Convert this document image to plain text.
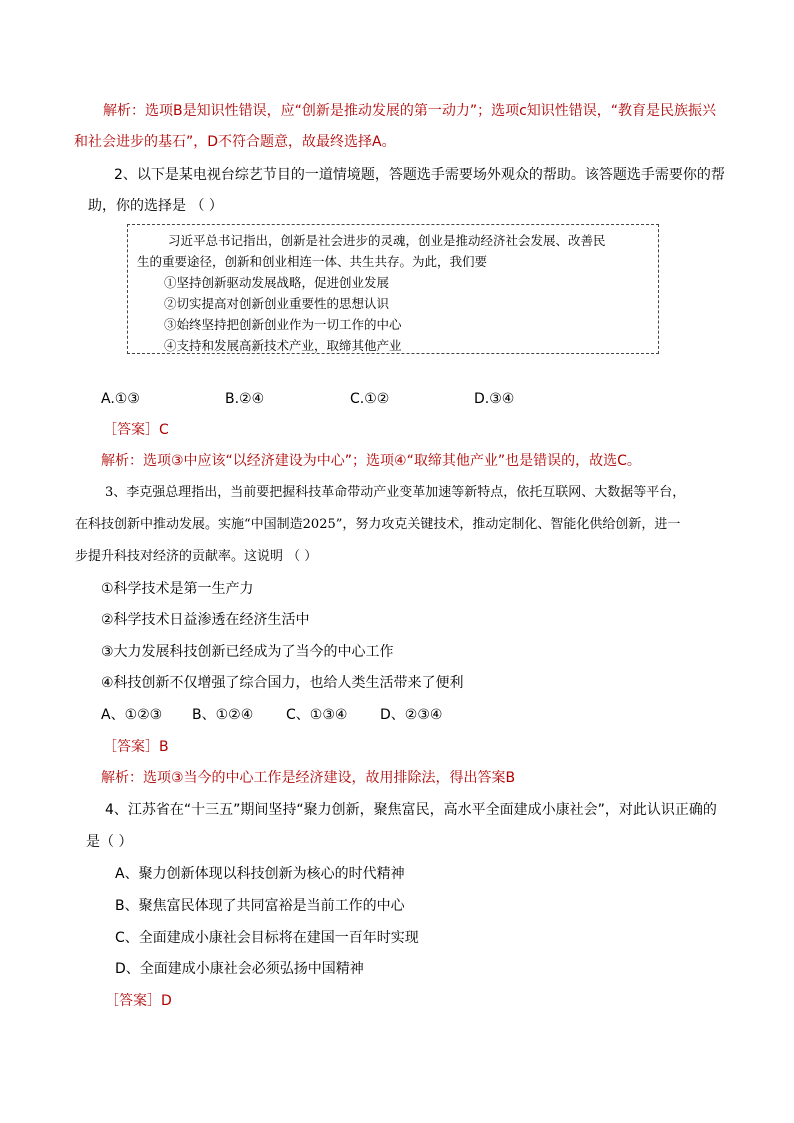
解析：选项B是知识性错误，应“创新是推动发展的第一动力”；选项c知识性错误，“教育是民族振兴
和社会进步的基石”，D不符合题意，故最终选择A。
2、以下是某电视台综艺节目的一道情境题，答题选手需要场外观众的帮助。该答题选手需要你的帮
助，你的选择是 （ ）
习近平总书记指出，创新是社会进步的灵魂，创业是推动经济社会发展、改善民
生的重要途径，创新和创业相连一体、共生共存。为此，我们要
①坚持创新驱动发展战略，促进创业发展
②切实提高对创新创业重要性的思想认识
③始终坚持把创新创业作为一切工作的中心
④支持和发展高新技术产业，取缔其他产业
A.①③	B.②④	C.①②	D.③④
［答案］C
解析：选项③中应该“以经济建设为中心”；选项④“取缔其他产业”也是错误的，故选C。
3、李克强总理指出，当前要把握科技革命带动产业变革加速等新特点，依托互联网、大数据等平台，
在科技创新中推动发展。实施“中国制造2025”，努力攻克关键技术，推动定制化、智能化供给创新，进一
步提升科技对经济的贡献率。这说明 （ ）
①科学技术是第一生产力
②科学技术日益渗透在经济生活中
③大力发展科技创新已经成为了当今的中心工作
④科技创新不仅增强了综合国力，也给人类生活带来了便利
A、①②③ B、①②④ C、①③④ D、②③④
［答案］B
解析：选项③当今的中心工作是经济建设，故用排除法，得出答案B
4、江苏省在“十三五”期间坚持“聚力创新，聚焦富民，高水平全面建成小康社会”，对此认识正确的
是（ ）
A、聚力创新体现以科技创新为核心的时代精神
B、聚焦富民体现了共同富裕是当前工作的中心
C、全面建成小康社会目标将在建国一百年时实现
D、全面建成小康社会必须弘扬中国精神
［答案］D
